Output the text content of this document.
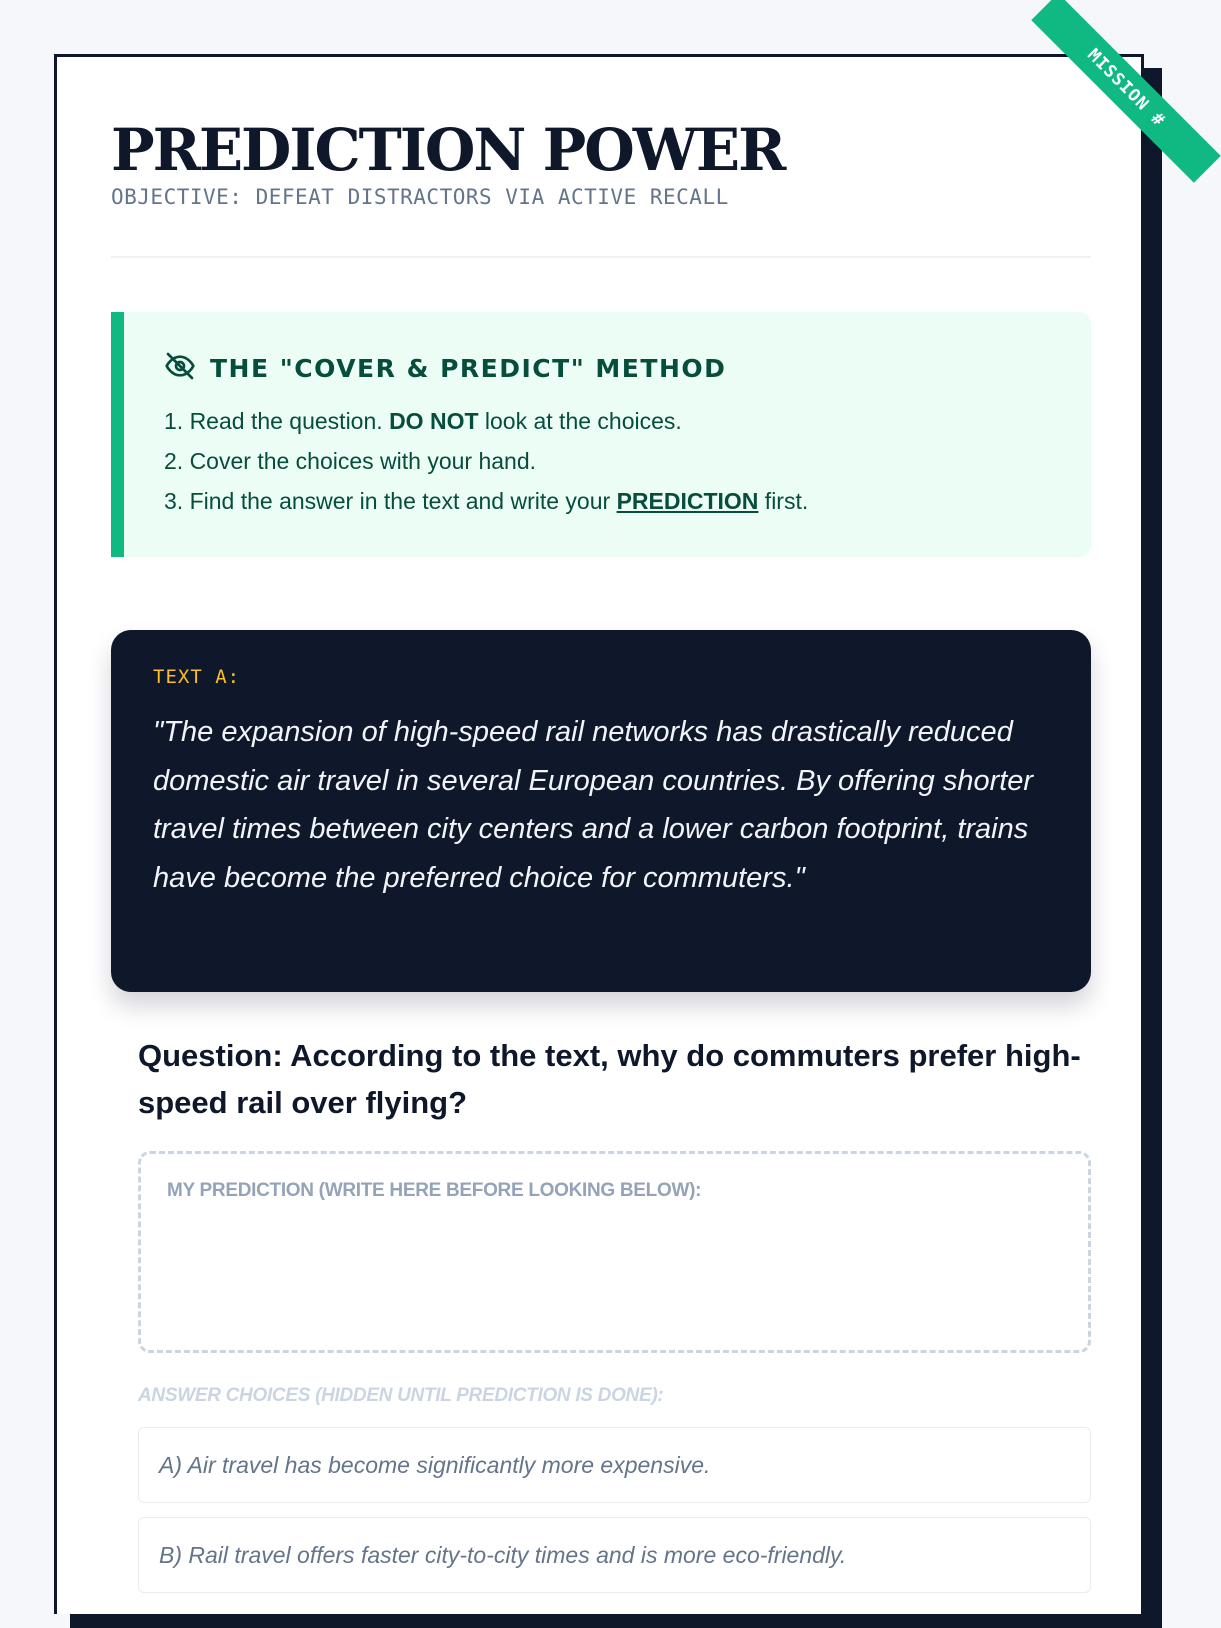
MISSION #
PREDICTION POWER
OBJECTIVE: DEFEAT DISTRACTORS VIA ACTIVE RECALL
THE "COVER & PREDICT" METHOD
1. Read the question. DO NOT look at the choices.
2. Cover the choices with your hand.
3. Find the answer in the text and write your PREDICTION first.
TEXT A:
"The expansion of high-speed rail networks has drastically reduced domestic air travel in several European countries. By offering shorter travel times between city centers and a lower carbon footprint, trains have become the preferred choice for commuters."
Question: According to the text, why do commuters prefer high-speed rail over flying?
MY PREDICTION (WRITE HERE BEFORE LOOKING BELOW):
ANSWER CHOICES (HIDDEN UNTIL PREDICTION IS DONE):
A) Air travel has become significantly more expensive.
B) Rail travel offers faster city-to-city times and is more eco-friendly.
